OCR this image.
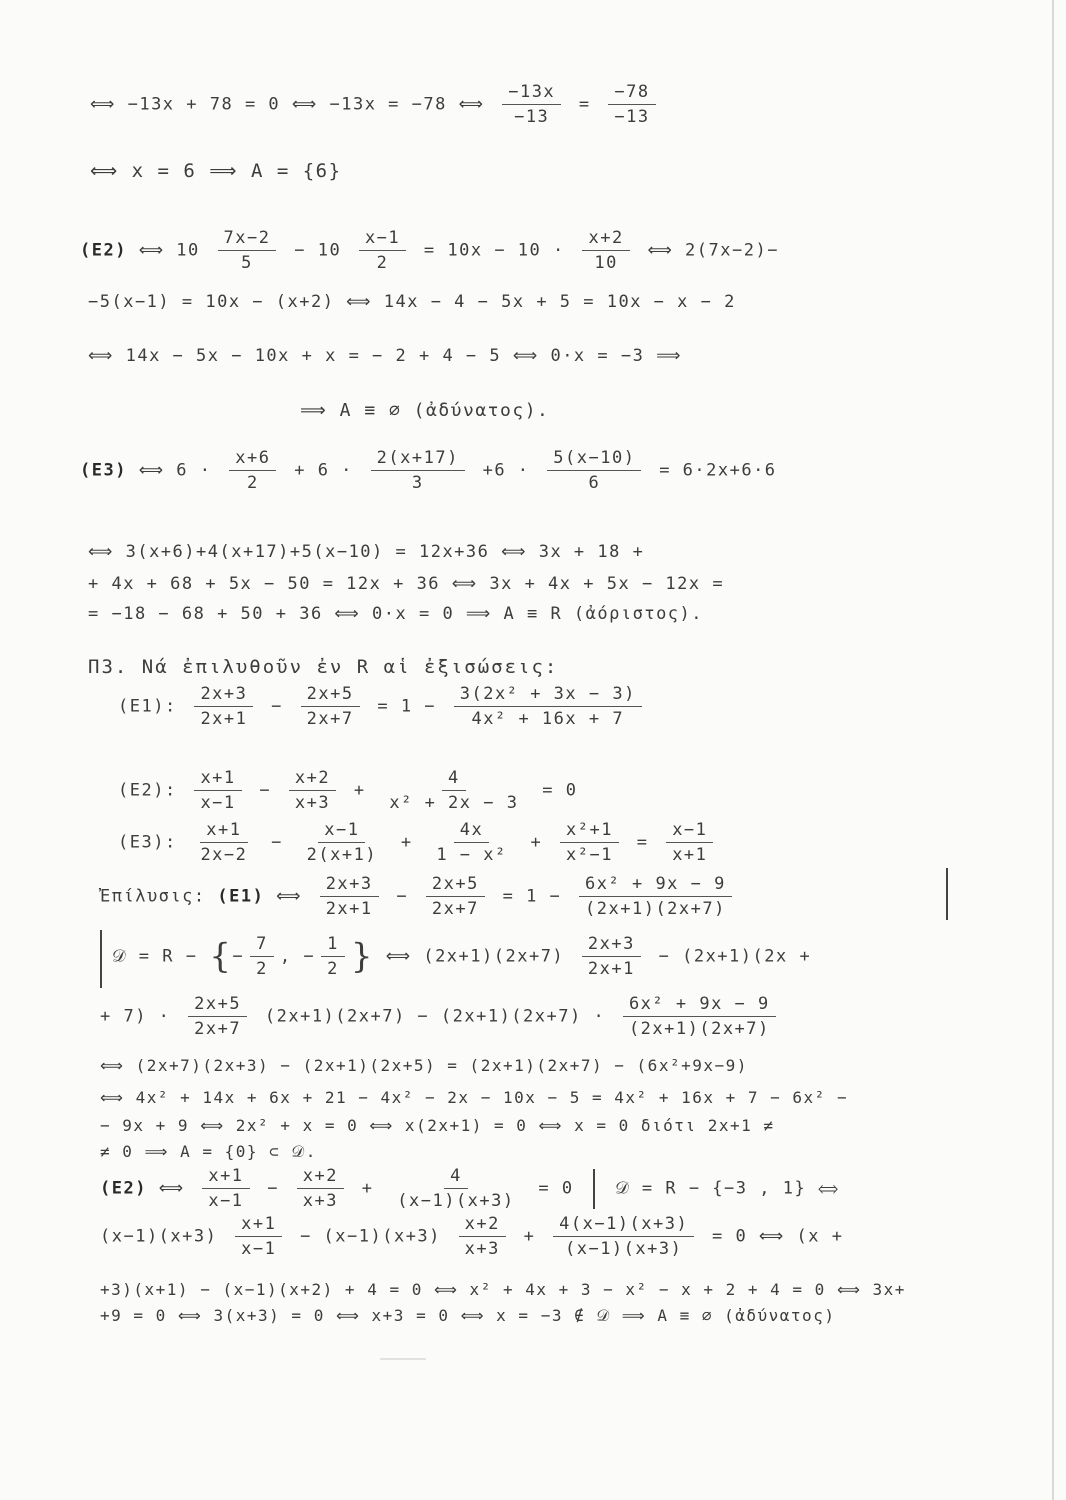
⟺ −13x + 78 = 0 ⟺ −13x = −78 ⟺ $\frac{-13x}{-13} = \frac{-78}{-13}$
⟺ x = 6 ⟹ A = {6}
(E2) ⟺ $10 \frac{7x-2}{5} - 10 \frac{x-1}{2} = 10x - 10 \cdot \frac{x+2}{10}$ ⟺ 2(7x−2)−
−5(x−1) = 10x − (x+2) ⟺ 14x − 4 − 5x + 5 = 10x − x − 2
⟺ 14x − 5x − 10x + x = − 2 + 4 − 5 ⟺ 0·x = −3 ⟹
⟹ A ≡ ∅ (ἀδύνατος).
(E3) ⟺ $6 \cdot \frac{x+6}{2} + 6 \cdot \frac{2(x+17)}{3} +6 \cdot \frac{5(x-10)}{6} = 6\cdot 2x+6\cdot 6$
⟺ 3(x+6)+4(x+17)+5(x−10) = 12x+36 ⟺ 3x + 18 +
+ 4x + 68 + 5x − 50 = 12x + 36 ⟺ 3x + 4x + 5x − 12x =
= −18 − 68 + 50 + 36 ⟺ 0·x = 0 ⟹ A ≡ R (ἀόριστος).
Π3. Νά ἐπιλυθοῦν ἐν R αἱ ἐξισώσεις:
(E1): $\frac{2x+3}{2x+1} - \frac{2x+5}{2x+7} = 1 - \frac{\text{3(2x² + 3x − 3)}}{\text{4x² + 16x + 7}}$
(E2): $\frac{x+1}{x-1} - \frac{x+2}{x+3} + \frac{4}{\text{x² + 2x − 3}} = 0$
(E3): $\frac{x+1}{2x-2} - \frac{x-1}{2(x+1)} + \frac{4x}{\text{1 − x²}} + \frac{\text{x²+1}}{\text{x²−1}} = \frac{x-1}{x+1}$
Ἐπίλυσις: (E1) ⟺ $\frac{2x+3}{2x+1} - \frac{2x+5}{2x+7} = 1 - \frac{\text{6x² + 9x − 9}}{(2x+1)(2x+7)}$
𝒟 = R − {− $\frac{7}{2}$ , − $\frac{1}{2}$ } ⟺ $(2x+1)(2x+7) \frac{2x+3}{2x+1} - (2x+1)(2x$ +
+ $7) \cdot \frac{2x+5}{2x+7} (2x+1)(2x+7) - (2x+1)(2x+7) \cdot \frac{\text{6x² + 9x − 9}}{(2x+1)(2x+7)}$
⟺ (2x+7)(2x+3) − (2x+1)(2x+5) = (2x+1)(2x+7) − (6x²+9x−9)
⟺ 4x² + 14x + 6x + 21 − 4x² − 2x − 10x − 5 = 4x² + 16x + 7 − 6x² −
− 9x + 9 ⟺ 2x² + x = 0 ⟺ x(2x+1) = 0 ⟺ x = 0 διότι 2x+1 ≠
≠ 0 ⟹ A = {0} ⊂ 𝒟.
(E2) ⟺ $\frac{x+1}{x-1} - \frac{x+2}{x+3} + \frac{4}{(x-1)(x+3)} = 0$ 𝒟 = R − {−3 , 1} ⟺
$(x-1)(x+3) \frac{x+1}{x-1} - (x-1)(x+3) \frac{x+2}{x+3} + \frac{4(x-1)(x+3)}{(x-1)(x+3)} = 0$ ⟺ (x +
+3)(x+1) − (x−1)(x+2) + 4 = 0 ⟺ x² + 4x + 3 − x² − x + 2 + 4 = 0 ⟺ 3x+
+9 = 0 ⟺ 3(x+3) = 0 ⟺ x+3 = 0 ⟺ x = −3 ∉ 𝒟 ⟹ A ≡ ∅ (ἀδύνατος)
